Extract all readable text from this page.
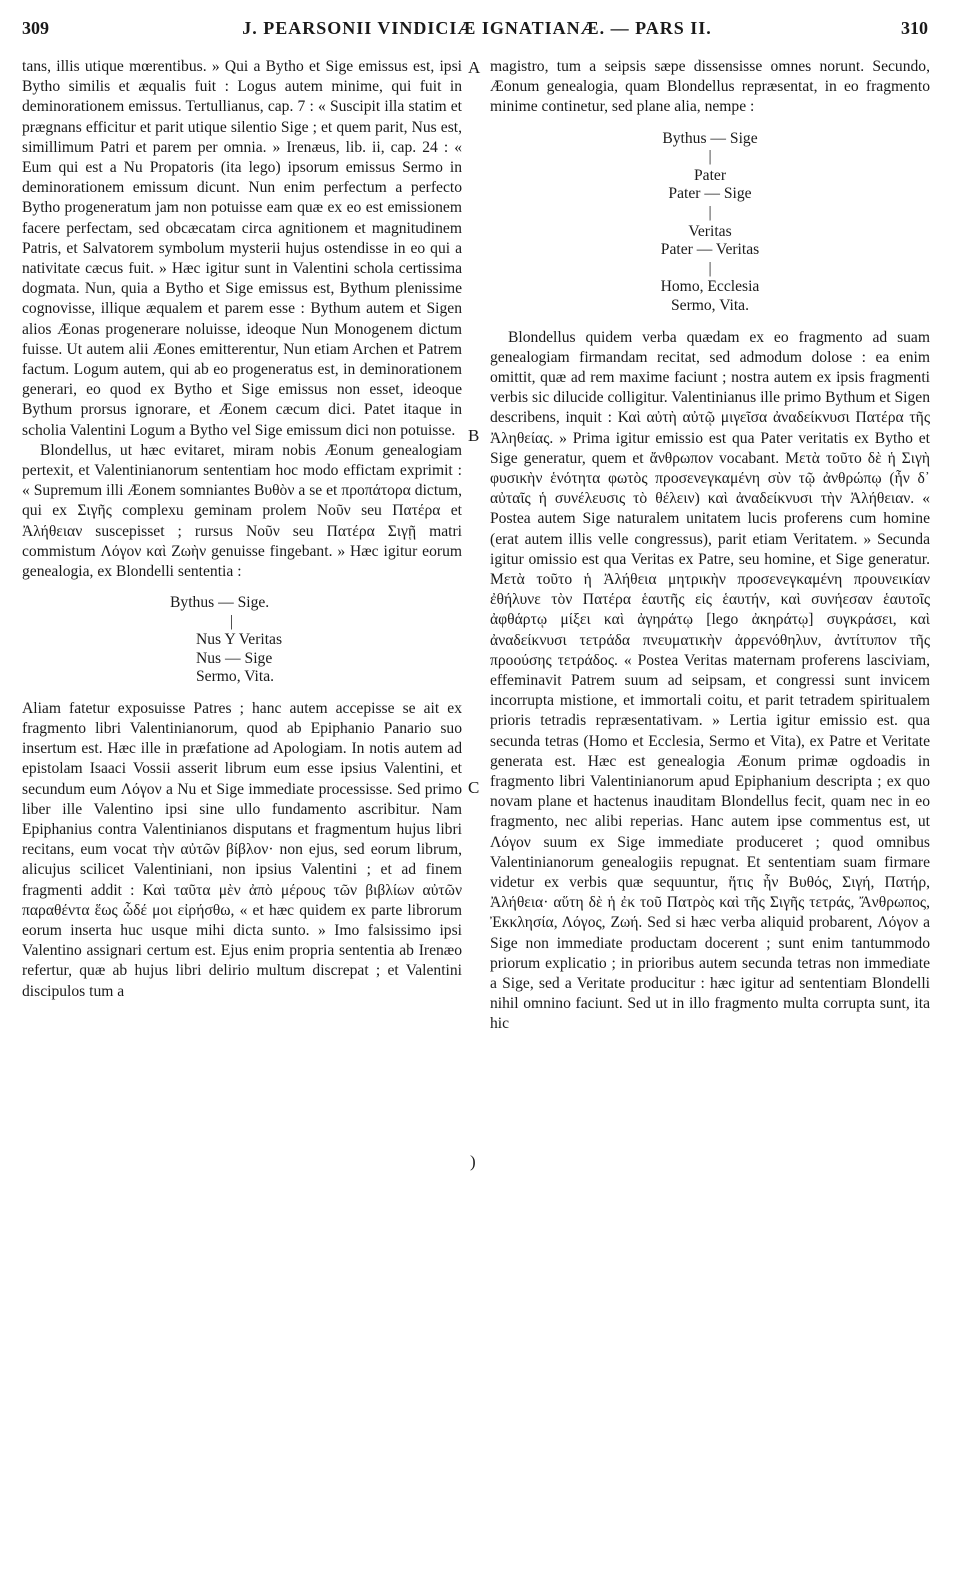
309	J. PEARSONII VINDICIÆ IGNATIANÆ. — PARS II.	310
A
B
C
)

tans, illis utique mœrentibus. » Qui a Bytho et Sige emissus est, ipsi Bytho similis et æqualis fuit : Logus autem minime, qui fuit in deminorationem emissus. Tertullianus, cap. 7 : « Suscipit illa statim et prægnans efficitur et parit utique silentio Sige ; et quem parit, Nus est, simillimum Patri et parem per omnia. » Irenæus, lib. ii, cap. 24 : « Eum qui est a Nu Propatoris (ita lego) ipsorum emissus Sermo in deminorationem emissum dicunt. Nun enim perfectum a perfecto Bytho progeneratum jam non potuisse eam quæ ex eo est emissionem facere perfectam, sed obcæcatam circa agnitionem et magnitudinem Patris, et Salvatorem symbolum mysterii hujus ostendisse in eo qui a nativitate cæcus fuit. » Hæc igitur sunt in Valentini schola certissima dogmata. Nun, quia a Bytho et Sige emissus est, Bythum plenissime cognovisse, illique æqualem et parem esse : Bythum autem et Sigen alios Æonas progenerare noluisse, ideoque Nun Monogenem dictum fuisse. Ut autem alii Æones emitterentur, Nun etiam Archen et Patrem factum. Logum autem, qui ab eo progeneratus est, in deminorationem generari, eo quod ex Bytho et Sige emissus non esset, ideoque Bythum prorsus ignorare, et Æonem cæcum dici. Patet itaque in scholia Valentini Logum a Bytho vel Sige emissum dici non potuisse.

Blondellus, ut hæc evitaret, miram nobis Æonum genealogiam pertexit, et Valentinianorum sententiam hoc modo effictam exprimit : « Supremum illi Æonem somniantes Βυθὸν a se et προπάτορα dictum, qui ex Σιγῆς complexu geminam prolem Νοῦν seu Πατέρα et Ἀλήθειαν suscepisset ; rursus Νοῦν seu Πατέρα Σιγῇ matri commistum Λόγον καὶ Ζωὴν genuisse fingebant. » Hæc igitur eorum genealogia, ex Blondelli sententia :

Bythus — Sige.
|
Nus Y Veritas
Nus — Sige
Sermo, Vita.

Aliam fatetur exposuisse Patres ; hanc autem accepisse se ait ex fragmento libri Valentinianorum, quod ab Epiphanio Panario suo insertum est. Hæc ille in præfatione ad Apologiam. In notis autem ad epistolam Isaaci Vossii asserit librum eum esse ipsius Valentini, et secundum eum Λόγον a Nu et Sige immediate processisse. Sed primo liber ille Valentino ipsi sine ullo fundamento ascribitur. Nam Epiphanius contra Valentinianos disputans et fragmentum hujus libri recitans, eum vocat τὴν αὐτῶν βίβλον· non ejus, sed eorum librum, alicujus scilicet Valentiniani, non ipsius Valentini ; et ad finem fragmenti addit : Καὶ ταῦτα μὲν ἀπὸ μέρους τῶν βιβλίων αὐτῶν παραθέντα ἕως ὧδέ μοι εἰρήσθω, « et hæc quidem ex parte librorum eorum inserta huc usque mihi dicta sunto. » Imo falsissimo ipsi Valentino assignari certum est. Ejus enim propria sententia ab Irenæo refertur, quæ ab hujus libri delirio multum discrepat ; et Valentini discipulos tum a

magistro, tum a seipsis sæpe dissensisse omnes norunt. Secundo, Æonum genealogia, quam Blondellus repræsentat, in eo fragmento minime continetur, sed plane alia, nempe :

Bythus — Sige
|
Pater
Pater — Sige
|
Veritas
Pater — Veritas
|
Homo, Ecclesia
Sermo, Vita.

Blondellus quidem verba quædam ex eo fragmento ad suam genealogiam firmandam recitat, sed admodum dolose : ea enim omittit, quæ ad rem maxime faciunt ; nostra autem ex ipsis fragmenti verbis sic dilucide colligitur. Valentinianus ille primo Bythum et Sigen describens, inquit : Καὶ αὐτὴ αὐτῷ μιγεῖσα ἀναδείκνυσι Πατέρα τῆς Ἀληθείας. » Prima igitur emissio est qua Pater veritatis ex Bytho et Sige generatur, quem et ἄνθρωπον vocabant. Μετὰ τοῦτο δὲ ἡ Σιγὴ φυσικὴν ἑνότητα φωτὸς προσενεγκαμένη σὺν τῷ ἀνθρώπῳ (ἦν δ᾽ αὐταῖς ἡ συνέλευσις τὸ θέλειν) καὶ ἀναδείκνυσι τὴν Ἀλήθειαν. « Postea autem Sige naturalem unitatem lucis proferens cum homine (erat autem illis velle congressus), parit etiam Veritatem. » Secunda igitur omissio est qua Veritas ex Patre, seu homine, et Sige generatur. Μετὰ τοῦτο ἡ Ἀλήθεια μητρικὴν προσενεγκαμένη προυνεικίαν ἐθήλυνε τὸν Πατέρα ἑαυτῆς εἰς ἑαυτήν, καὶ συνήεσαν ἑαυτοῖς ἀφθάρτῳ μίξει καὶ ἀγηράτῳ [lego ἀκηράτῳ] συγκράσει, καὶ ἀναδείκνυσι τετράδα πνευματικὴν ἀρρενόθηλυν, ἀντίτυπον τῆς προούσης τετράδος. « Postea Veritas maternam proferens lasciviam, effeminavit Patrem suum ad seipsam, et congressi sunt invicem incorrupta mistione, et immortali coitu, et parit tetradem spiritualem prioris tetradis repræsentativam. » Lertia igitur emissio est. qua secunda tetras (Homo et Ecclesia, Sermo et Vita), ex Patre et Veritate generata est. Hæc est genealogia Æonum primæ ogdoadis in fragmento libri Valentinianorum apud Epiphanium descripta ; ex quo novam plane et hactenus inauditam Blondellus fecit, quam nec in eo fragmento, nec alibi reperias. Hanc autem ipse commentus est, ut Λόγον suum ex Sige immediate produceret ; quod omnibus Valentinianorum genealogiis repugnat. Et sententiam suam firmare videtur ex verbis quæ sequuntur, ἥτις ἦν Βυθός, Σιγή, Πατήρ, Ἀλήθεια· αὕτη δὲ ἡ ἐκ τοῦ Πατρὸς καὶ τῆς Σιγῆς τετράς, Ἄνθρωπος, Ἐκκλησία, Λόγος, Ζωή. Sed si hæc verba aliquid probarent, Λόγον a Sige non immediate productam docerent ; sunt enim tantummodo priorum explicatio ; in prioribus autem secunda tetras non immediate a Sige, sed a Veritate producitur : hæc igitur ad sententiam Blondelli nihil omnino faciunt. Sed ut in illo fragmento multa corrupta sunt, ita hic
